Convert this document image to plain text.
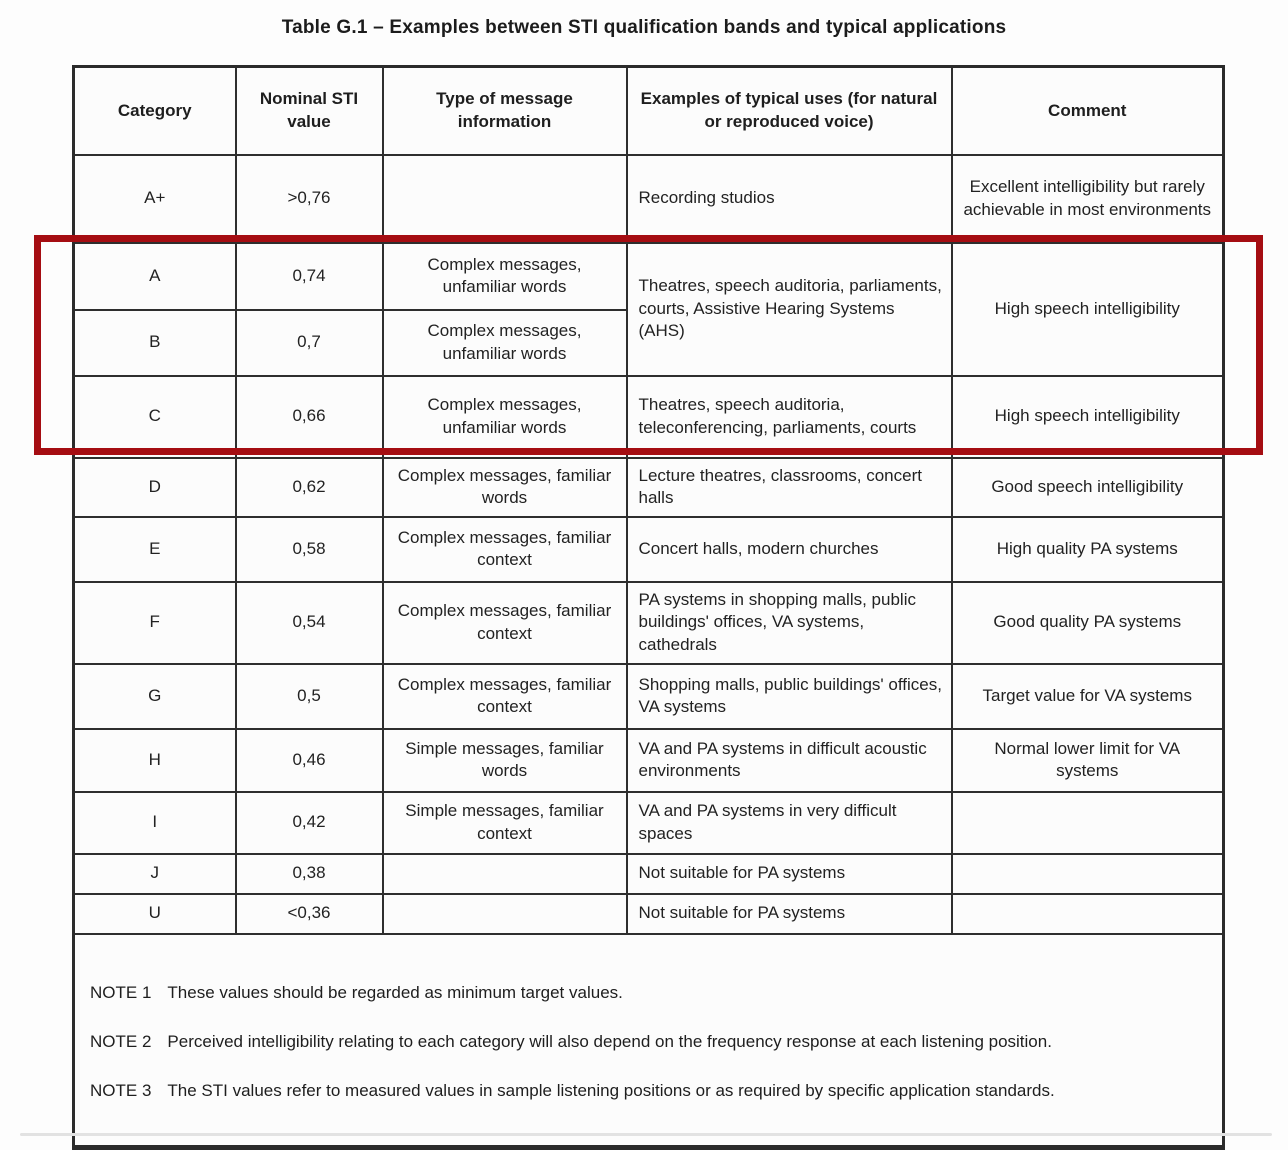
Table G.1 – Examples between STI qualification bands and typical applications
Category	Nominal STI value	Type of message information	Examples of typical uses (for natural or reproduced voice)	Comment
A+	>0,76		Recording studios	Excellent intelligibility but rarely achievable in most environments
A	0,74	Complex messages, unfamiliar words	Theatres, speech auditoria, parliaments, courts, Assistive Hearing Systems (AHS)	High speech intelligibility
B	0,7	Complex messages, unfamiliar words		
C	0,66	Complex messages, unfamiliar words	Theatres, speech auditoria, teleconferencing, parliaments, courts	High speech intelligibility
D	0,62	Complex messages, familiar words	Lecture theatres, classrooms, concert halls	Good speech intelligibility
E	0,58	Complex messages, familiar context	Concert halls, modern churches	High quality PA systems
F	0,54	Complex messages, familiar context	PA systems in shopping malls, public buildings' offices, VA systems, cathedrals	Good quality PA systems
G	0,5	Complex messages, familiar context	Shopping malls, public buildings' offices, VA systems	Target value for VA systems
H	0,46	Simple messages, familiar words	VA and PA systems in difficult acoustic environments	Normal lower limit for VA systems
I	0,42	Simple messages, familiar context	VA and PA systems in very difficult spaces	
J	0,38		Not suitable for PA systems	
U	<0,36		Not suitable for PA systems	

NOTE 1 These values should be regarded as minimum target values.

NOTE 2 Perceived intelligibility relating to each category will also depend on the frequency response at each listening position.

NOTE 3 The STI values refer to measured values in sample listening positions or as required by specific application standards.				
